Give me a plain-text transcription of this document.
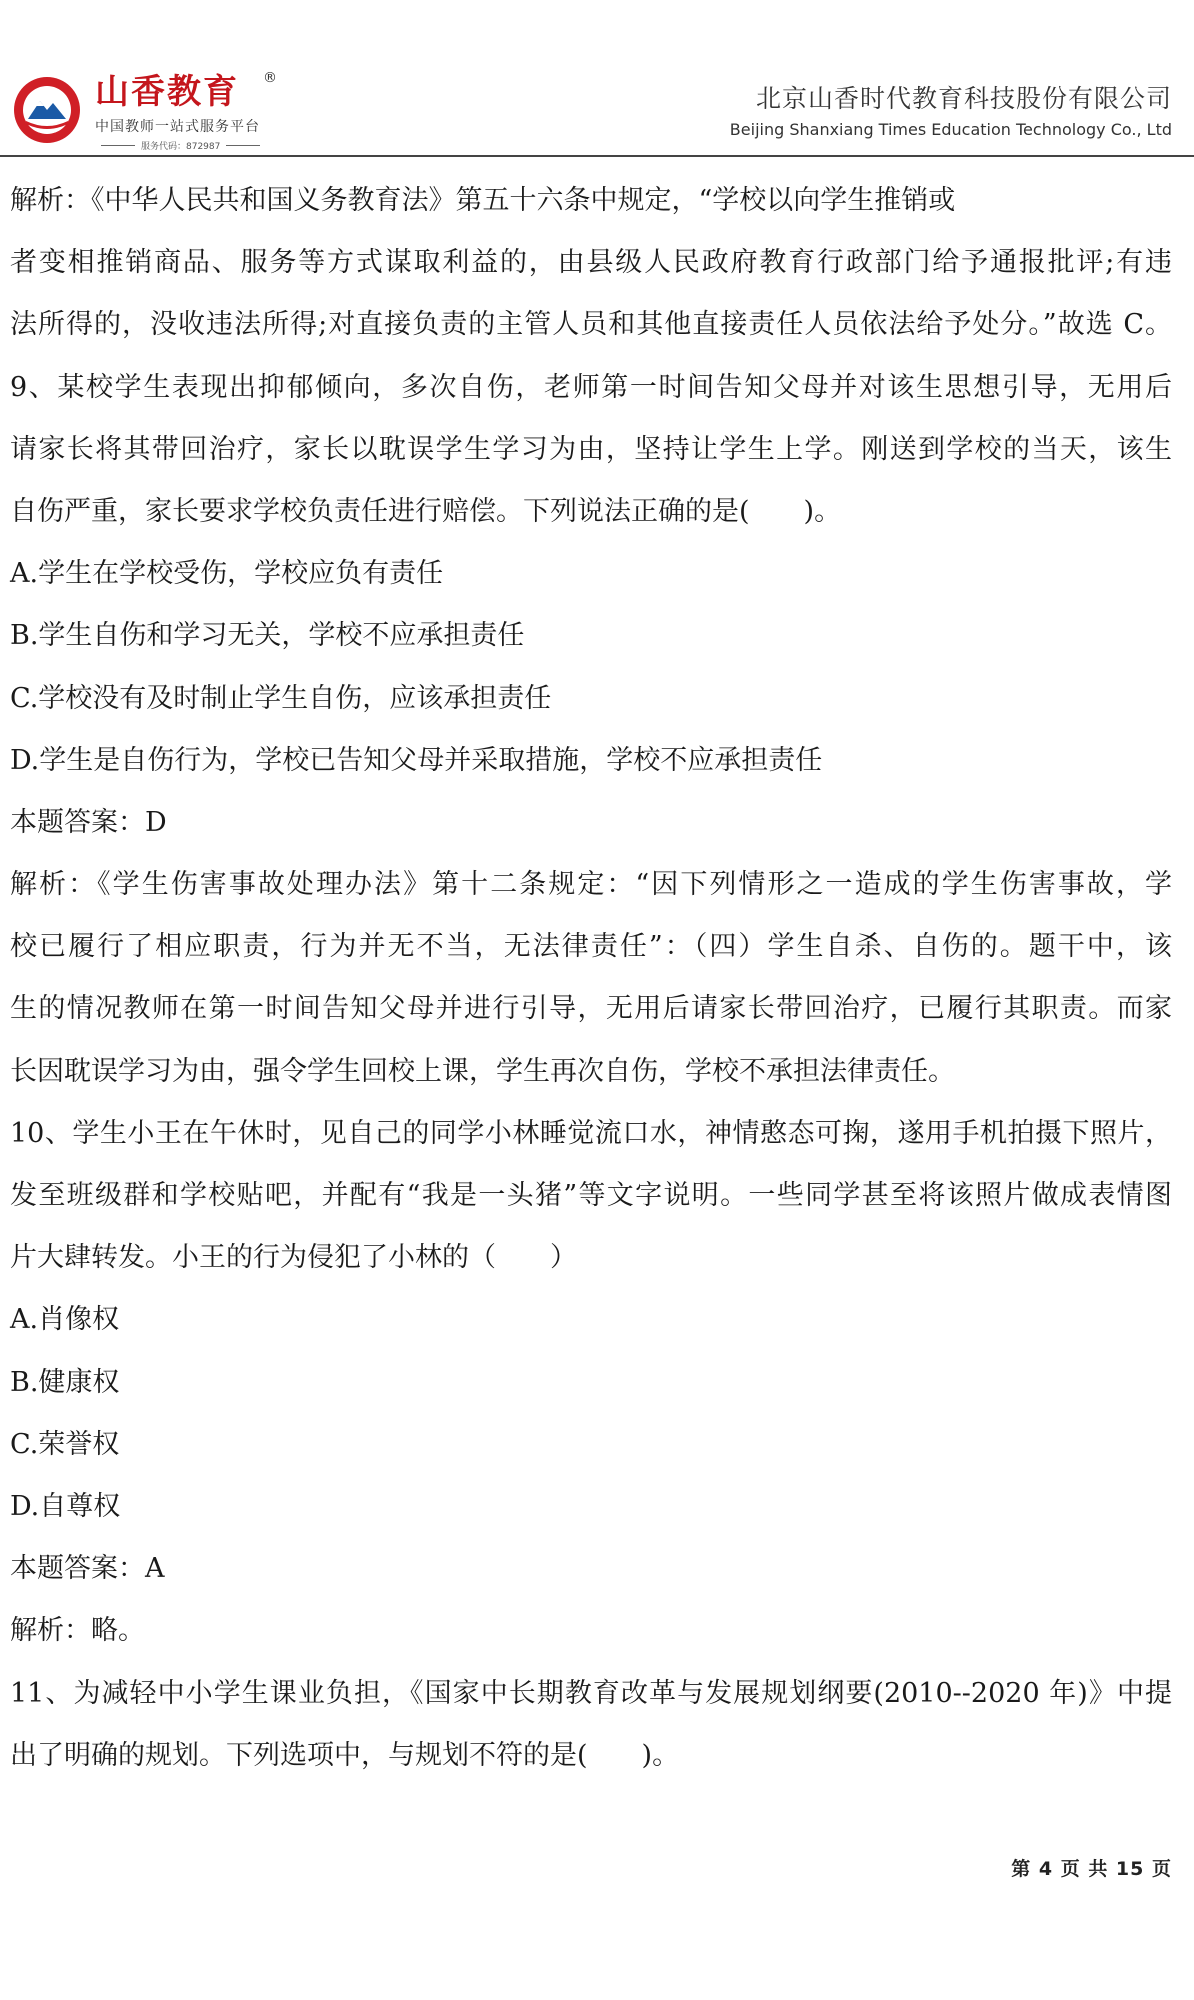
山香教育	®
中国教师一站式服务平台
服务代码：872987
北京山香时代教育科技股份有限公司
Beijing Shanxiang Times Education Technology Co., Ltd
解析：《中华人民共和国义务教育法》第五十六条中规定，“学校以向学生推销或
者变相推销商品、服务等方式谋取利益的，由县级人民政府教育行政部门给予通报批评;有违
法所得的，没收违法所得;对直接负责的主管人员和其他直接责任人员依法给予处分。”故选 C。
9、某校学生表现出抑郁倾向，多次自伤，老师第一时间告知父母并对该生思想引导，无用后
请家长将其带回治疗，家长以耽误学生学习为由，坚持让学生上学。刚送到学校的当天，该生
自伤严重，家长要求学校负责任进行赔偿。下列说法正确的是(　　)。
A.学生在学校受伤，学校应负有责任
B.学生自伤和学习无关，学校不应承担责任
C.学校没有及时制止学生自伤，应该承担责任
D.学生是自伤行为，学校已告知父母并采取措施，学校不应承担责任
本题答案：D
解析：《学生伤害事故处理办法》第十二条规定：“因下列情形之一造成的学生伤害事故，学
校已履行了相应职责，行为并无不当，无法律责任”：（四）学生自杀、自伤的。题干中，该
生的情况教师在第一时间告知父母并进行引导，无用后请家长带回治疗，已履行其职责。而家
长因耽误学习为由，强令学生回校上课，学生再次自伤，学校不承担法律责任。
10、学生小王在午休时，见自己的同学小林睡觉流口水，神情憨态可掬，遂用手机拍摄下照片，
发至班级群和学校贴吧，并配有“我是一头猪”等文字说明。一些同学甚至将该照片做成表情图
片大肆转发。小王的行为侵犯了小林的（　　）
A.肖像权
B.健康权
C.荣誉权
D.自尊权
本题答案：A
解析：略。
11、为减轻中小学生课业负担，《国家中长期教育改革与发展规划纲要(2010--2020 年)》中提
出了明确的规划。下列选项中，与规划不符的是(　　)。
第 4 页 共 15 页
